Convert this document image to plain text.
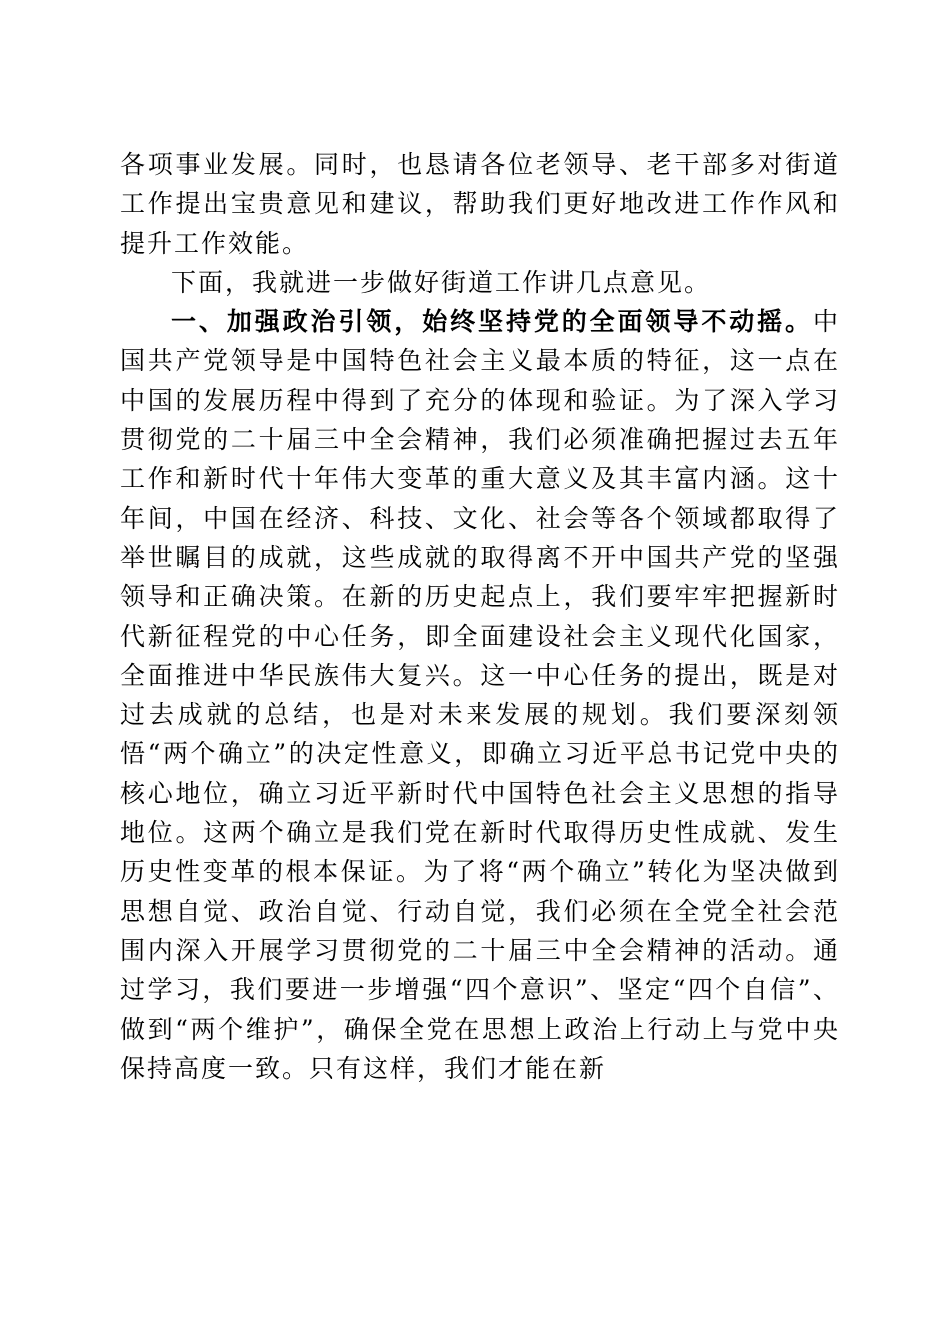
各项事业发展。同时，也恳请各位老领导、老干部多对街道工作提出宝贵意见和建议，帮助我们更好地改进工作作风和提升工作效能。

下面，我就进一步做好街道工作讲几点意见。

一、加强政治引领，始终坚持党的全面领导不动摇。中国共产党领导是中国特色社会主义最本质的特征，这一点在中国的发展历程中得到了充分的体现和验证。为了深入学习贯彻党的二十届三中全会精神，我们必须准确把握过去五年工作和新时代十年伟大变革的重大意义及其丰富内涵。这十年间，中国在经济、科技、文化、社会等各个领域都取得了举世瞩目的成就，这些成就的取得离不开中国共产党的坚强领导和正确决策。在新的历史起点上，我们要牢牢把握新时代新征程党的中心任务，即全面建设社会主义现代化国家，全面推进中华民族伟大复兴。这一中心任务的提出，既是对过去成就的总结，也是对未来发展的规划。我们要深刻领悟“两个确立”的决定性意义，即确立习近平总书记党中央的核心地位，确立习近平新时代中国特色社会主义思想的指导地位。这两个确立是我们党在新时代取得历史性成就、发生历史性变革的根本保证。为了将“两个确立”转化为坚决做到思想自觉、政治自觉、行动自觉，我们必须在全党全社会范围内深入开展学习贯彻党的二十届三中全会精神的活动。通过学习，我们要进一步增强“四个意识”、坚定“四个自信”、做到“两个维护”，确保全党在思想上政治上行动上与党中央保持高度一致。只有这样，我们才能在新
